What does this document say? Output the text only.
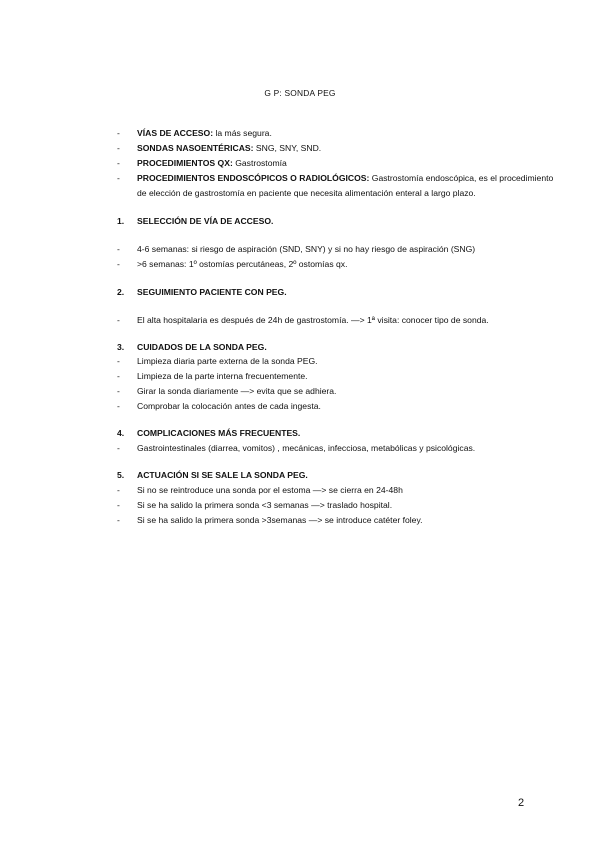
G P: SONDA PEG
- VÍAS DE ACCESO: la más segura.
- SONDAS NASOENTÉRICAS: SNG, SNY, SND.
- PROCEDIMIENTOS QX: Gastrostomía
- PROCEDIMIENTOS ENDOSCÓPICOS O RADIOLÓGICOS: Gastrostomía endoscópica, es el procedimiento
de elección de gastrostomía en paciente que necesita alimentación enteral a largo plazo.
1. SELECCIÓN DE VÍA DE ACCESO.
- 4-6 semanas: si riesgo de aspiración (SND, SNY) y si no hay riesgo de aspiración (SNG)
- >6 semanas: 1º ostomías percutáneas, 2º ostomías qx.
2. SEGUIMIENTO PACIENTE CON PEG.
- El alta hospitalaria es después de 24h de gastrostomía. —> 1ª visita: conocer tipo de sonda.
3. CUIDADOS DE LA SONDA PEG.
- Limpieza diaria parte externa de la sonda PEG.
- Limpieza de la parte interna frecuentemente.
- Girar la sonda diariamente —> evita que se adhiera.
- Comprobar la colocación antes de cada ingesta.
4. COMPLICACIONES MÁS FRECUENTES.
- Gastrointestinales (diarrea, vomitos) , mecánicas, infecciosa, metabólicas y psicológicas.
5. ACTUACIÓN SI SE SALE LA SONDA PEG.
- Si no se reintroduce una sonda por el estoma —> se cierra en 24-48h
- Si se ha salido la primera sonda <3 semanas —> traslado hospital.
- Si se ha salido la primera sonda >3semanas —> se introduce catéter foley.
2
